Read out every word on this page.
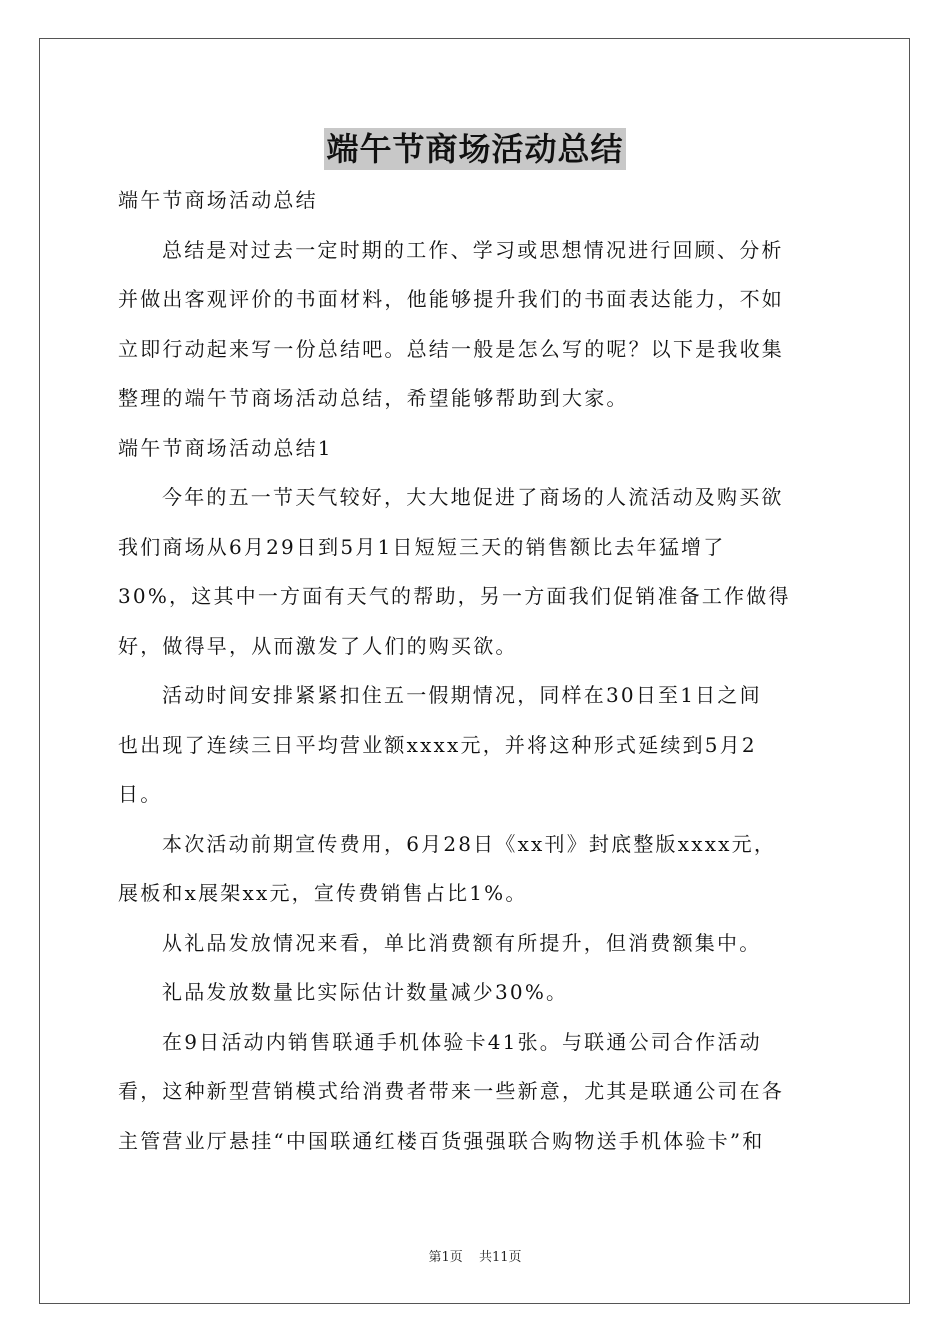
端午节商场活动总结
端午节商场活动总结
总结是对过去一定时期的工作、学习或思想情况进行回顾、分析
并做出客观评价的书面材料，他能够提升我们的书面表达能力，不如
立即行动起来写一份总结吧。总结一般是怎么写的呢？以下是我收集
整理的端午节商场活动总结，希望能够帮助到大家。
端午节商场活动总结1
今年的五一节天气较好，大大地促进了商场的人流活动及购买欲
我们商场从6月29日到5月1日短短三天的销售额比去年猛增了
30%，这其中一方面有天气的帮助，另一方面我们促销准备工作做得
好，做得早，从而激发了人们的购买欲。
活动时间安排紧紧扣住五一假期情况，同样在30日至1日之间
也出现了连续三日平均营业额xxxx元，并将这种形式延续到5月2
日。
本次活动前期宣传费用，6月28日《xx刊》封底整版xxxx元，
展板和x展架xx元，宣传费销售占比1%。
从礼品发放情况来看，单比消费额有所提升，但消费额集中。
礼品发放数量比实际估计数量减少30%。
在9日活动内销售联通手机体验卡41张。与联通公司合作活动
看，这种新型营销模式给消费者带来一些新意，尤其是联通公司在各
主管营业厅悬挂“中国联通红楼百货强强联合购物送手机体验卡”和
第1页 共11页
